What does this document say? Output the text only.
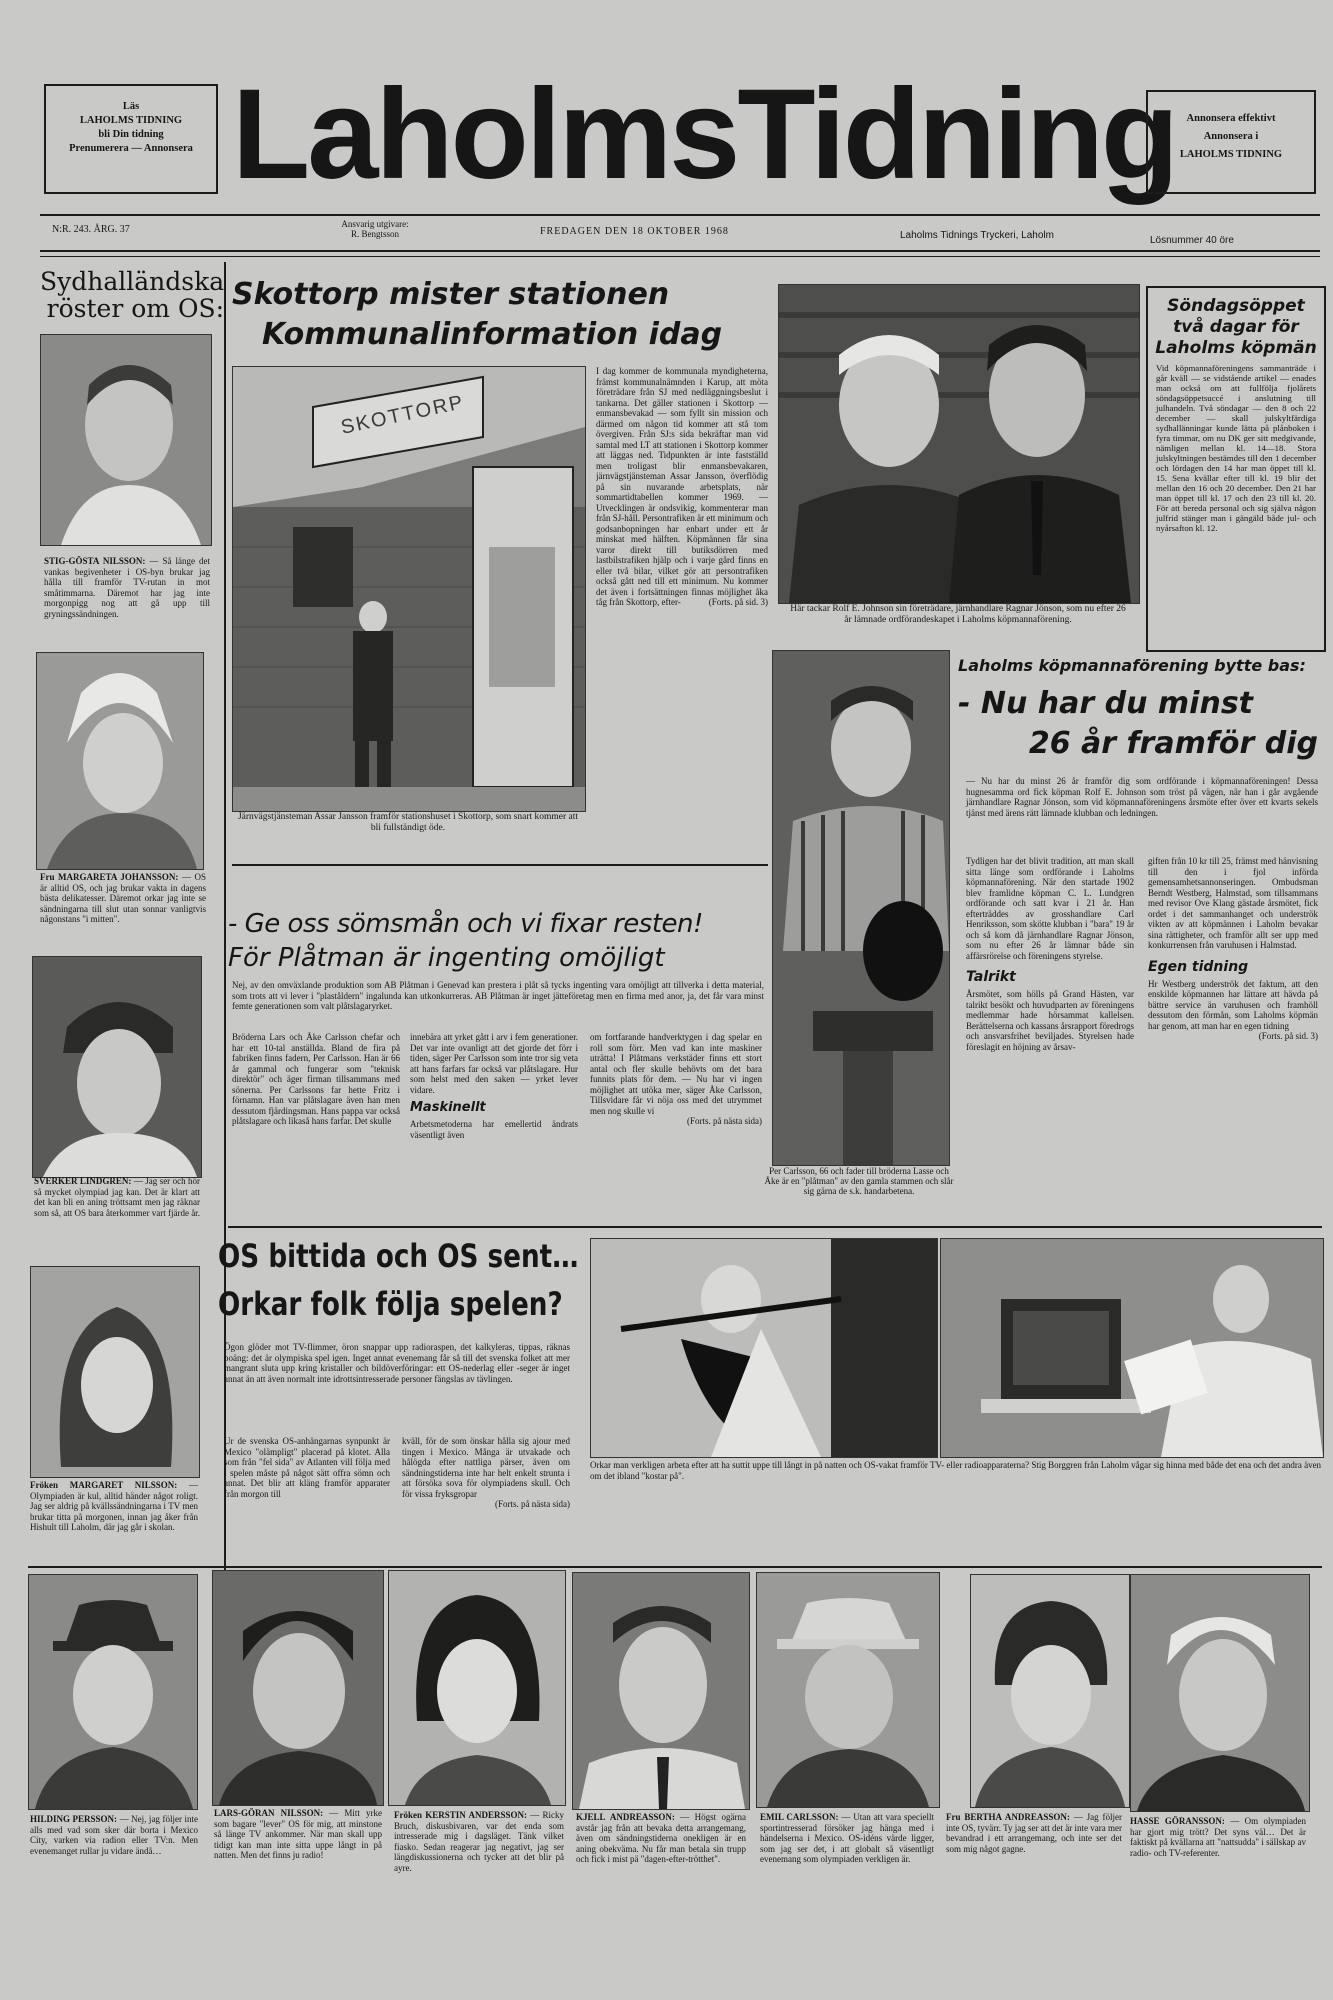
Läs
LAHOLMS TIDNING
bli Din tidning
Prenumerera — Annonsera LaholmsTidning Annonsera effektivt
Annonsera i
LAHOLMS TIDNING
N:R. 243. ÅRG. 37	Ansvarig utgivare:
R. Bengtsson	FREDAGEN DEN 18 OKTOBER 1968	Laholms Tidnings Tryckeri, Laholm	Lösnummer 40 öre
Sydhalländska
röster om OS:
STIG-GÖSTA NILSSON: — Så länge det vankas begivenheter i OS-byn brukar jag hålla till framför TV-rutan in mot småtimmarna. Däremot har jag inte morgonpigg nog att gå upp till gryningssändningen.
Fru MARGARETA JOHANSSON: — OS är alltid OS, och jag brukar vakta in dagens bästa delikatesser. Däremot orkar jag inte se sändningarna till slut utan sonnar vanligtvis någonstans "i mitten".
SVERKER LINDGREN: — Jag ser och hör så mycket olympiad jag kan. Det är klart att det kan bli en aning tröttsamt men jag räknar som så, att OS bara återkommer vart fjärde år.
Fröken MARGARET NILSSON: — Olympiaden är kul, alltid händer något roligt. Jag ser aldrig på kvällssändningarna i TV men brukar titta på morgonen, innan jag åker från Hishult till Laholm, där jag går i skolan.
Skottorp mister stationen
Kommunalinformation idag
SKOTTORP
Järnvägstjänsteman Assar Jansson framför stationshuset i Skottorp, som snart kommer att bli fullständigt öde.
I dag kommer de kommunala myndigheterna, främst kommunalnämnden i Karup, att möta företrädare från SJ med nedläggningsbeslut i tankarna. Det gäller stationen i Skottorp — enmansbevakad — som fyllt sin mission och därmed om någon tid kommer att stå tom övergiven. Från SJ:s sida bekräftar man vid samtal med LT att stationen i Skottorp kommer att läggas ned. Tidpunkten är inte fastställd men troligast blir enmansbevakaren, järnvägstjänsteman Assar Jansson, överflödig på sin nuvarande arbetsplats, när sommartidtabellen kommer 1969. — Utvecklingen är ondsvikig, kommenterar man från SJ-håll. Persontrafiken är ett minimum och godsanbopningen har enbart under ett år minskat med hälften. Köpmännen får sina varor direkt till butiksdörren med lastbilstrafiken hjälp och i varje gård finns en eller två bilar, vilket gör att persontrafiken också gått ned till ett minimum. Nu kommer det även i fortsättningen finnas möjlighet åka tåg från Skottorp, efter-	(Forts. på sid. 3)
Här tackar Rolf E. Johnson sin företrädare, järnhandlare Ragnar Jönson, som nu efter 26 år lämnade ordförandeskapet i Laholms köpmannaförening.
Söndagsöppet
två dagar för
Laholms köpmän
Vid köpmannaföreningens sammanträde i går kväll — se vidstående artikel — enades man också om att fullfölja fjolårets söndagsöppetsuccé i anslutning till julhandeln. Två söndagar — den 8 och 22 december — skall julskyltfärdiga sydhallänningar kunde lätta på plånboken i fyra timmar, om nu DK ger sitt medgivande, nämligen mellan kl. 14—18. Stora julskyltningen bestämdes till den 1 december och lördagen den 14 har man öppet till kl. 15. Sena kvällar efter till kl. 19 blir det mellan den 16 och 20 december. Den 21 har man öppet till kl. 17 och den 23 till kl. 20. För att bereda personal och sig själva någon julfrid stänger man i gängäld både jul- och nyårsafton kl. 12.
Per Carlsson, 66 och fader till bröderna Lasse och Åke är en "plåtman" av den gamla stammen och slår sig gärna de s.k. handarbetena.
Laholms köpmannaförening bytte bas:
- Nu har du minst
26 år framför dig
— Nu har du minst 26 år framför dig som ordförande i köpmannaföreningen! Dessa hugnesamma ord fick köpman Rolf E. Johnson som tröst på vägen, när han i går avgående järnhandlare Ragnar Jönson, som vid köpmannaföreningens årsmöte efter över ett kvarts sekels tjänst med ärens rätt lämnade klubban och ledningen.
Tydligen har det blivit tradition, att man skall sitta länge som ordförande i Laholms köpmannaförening. När den startade 1902 blev framlidne köpman C. L. Lundgren ordförande och satt kvar i 21 år. Han efterträddes av grosshandlare Carl Henriksson, som skötte klubban i "bara" 19 år och så kom då järnhandlare Ragnar Jönson, som nu efter 26 år lämnar både sin affärsrörelse och föreningens styrelse.
Talrikt
Årsmötet, som hölls på Grand Hästen, var talrikt besökt och huvudparten av föreningens medlemmar hade hörsammat kallelsen. Berättelserna och kassans årsrapport föredrogs och ansvarsfrihet beviljades. Styrelsen hade föreslagit en höjning av årsav-
giften från 10 kr till 25, främst med hänvisning till den i fjol införda gemensamhetsannonseringen. Ombudsman Berndt Westberg, Halmstad, som tillsammans med revisor Ove Klang gästade årsmötet, fick ordet i det sammanhanget och underströk vikten av att köpmännen i Laholm bevakar sina rättigheter, och framför allt ser upp med konkurrensen från varuhusen i Halmstad.
Egen tidning
Hr Westberg underströk det faktum, att den enskilde köpmannen har lättare att hävda på bättre service än varuhusen och framhöll dessutom den förmån, som Laholms köpmän har genom, att man har en egen tidning
(Forts. på sid. 3)
- Ge oss sömsmån och vi fixar resten!
För Plåtman är ingenting omöjligt
Nej, av den omväxlande produktion som AB Plåtman i Genevad kan prestera i plåt så tycks ingenting vara omöjligt att tillverka i detta material, som trots att vi lever i "plaståldern" ingalunda kan utkonkurreras. AB Plåtman är inget jätteföretag men en firma med anor, ja, det får vara minst femte generationen som valt plåtslagaryrket.
Bröderna Lars och Åke Carlsson chefar och har ett 10-tal anställda. Bland de fira på fabriken finns fadern, Per Carlsson. Han är 66 år gammal och fungerar som "teknisk direktör" och äger firman tillsammans med sönerna. Per Carlssons far hette Fritz i förnamn. Han var plåtslagare även han men dessutom fjärdingsman. Hans pappa var också plåtslagare och likaså hans farfar. Det skulle
innebära att yrket gått i arv i fem generationer. Det var inte ovanligt att det gjorde det förr i tiden, säger Per Carlsson som inte tror sig veta att hans farfars far också var plåtslagare. Hur som helst med den saken — yrket lever vidare.
Maskinellt
Arbetsmetoderna har emellertid ändrats väsentligt även
om fortfarande handverktygen i dag spelar en roll som förr. Men vad kan inte maskiner uträtta! I Plåtmans verkstäder finns ett stort antal och fler skulle behövts om det bara funnits plats för dem. — Nu har vi ingen möjlighet att utöka mer, säger Åke Carlsson, Tillsvidare får vi nöja oss med det utrymmet men nog skulle vi
(Forts. på nästa sida)
OS bittida och OS sent…
Orkar folk följa spelen?
Ögon glöder mot TV-flimmer, öron snappar upp radioraspen, det kalkyleras, tippas, räknas poäng: det är olympiska spel igen. Inget annat evenemang får så till det svenska folket att mer mangrant sluta upp kring kristaller och bildöverföringar: ett OS-nederlag eller -seger är inget annat än att även normalt inte idrottsintresserade personer fängslas av tävlingen.
Ur de svenska OS-anhängarnas synpunkt är Mexico "olämpligt" placerad på klotet. Alla som från "fel sida" av Atlanten vill följa med i spelen måste på något sätt offra sömn och annat. Det blir att kläng framför apparater från morgon till
kväll, för de som önskar hålla sig ajour med tingen i Mexico. Många är utvakade och hålögda efter nattliga pärser, även om sändningstiderna inte har helt enkelt strunta i att försöka sova för olympiadens skull. Och för vissa fryksgropar
(Forts. på nästa sida)
Orkar man verkligen arbeta efter att ha suttit uppe till långt in på natten och OS-vakat framför TV- eller radioapparaterna? Stig Borggren från Laholm vågar sig hinna med både det ena och det andra även om det ibland "kostar på".
HILDING PERSSON: — Nej, jag följer inte alls med vad som sker där borta i Mexico City, varken via radion eller TV:n. Men evenemanget rullar ju vidare ändå…
LARS-GÖRAN NILSSON: — Mitt yrke som bagare "lever" OS för mig, att minstone så länge TV ankommer. När man skall upp tidigt kan man inte sitta uppe långt in på natten. Men det finns ju radio!
Fröken KERSTIN ANDERSSON: — Ricky Bruch, diskusbivaren, var det enda som intresserade mig i dagsläget. Tänk vilket fiasko. Sedan reagerar jag negativt, jag ser längdiskussionerna och tycker att det blir på ayre.
KJELL ANDREASSON: — Högst ogärna avstår jag från att bevaka detta arrangemang, även om sändningstiderna onekligen är en aning obekväma. Nu får man betala sin trupp och fick i mist pä "dagen-efter-trötthet".
EMIL CARLSSON: — Utan att vara speciellt sportintresserad försöker jag hänga med i händelserna i Mexico. OS-idéns värde ligger, som jag ser det, i att globalt så väsentligt evenemang som olympiaden verkligen är.
Fru BERTHA ANDREASSON: — Jag följer inte OS, tyvärr. Ty jag ser att det är inte vara mer bevandrad i ett arrangemang, och inte ser det som mig något gagne.
HASSE GÖRANSSON: — Om olympiaden har gjort mig trött? Det syns väl… Det är faktiskt på kvällarna att "nattsudda" i sällskap av radio- och TV-referenter.
